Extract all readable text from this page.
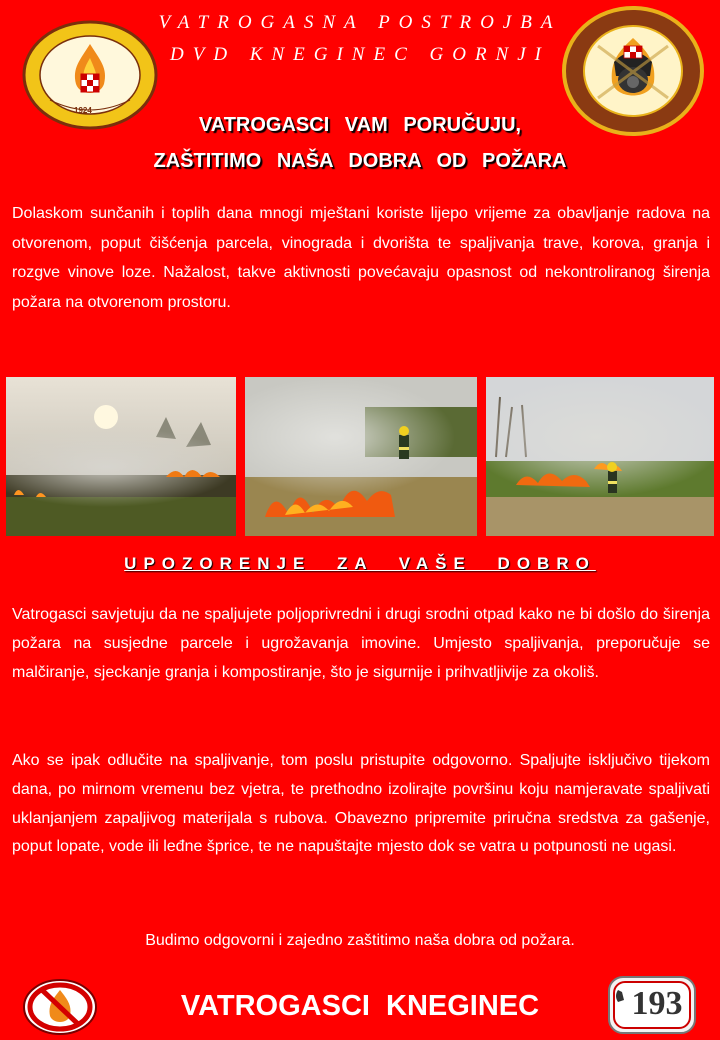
VATROGASNA POSTROJBA
DVD KNEGINEC GORNJI
1924
VATROGASCI VAM PORUČUJU,
ZAŠTITIMO NAŠA DOBRA OD POŽARA
Dolaskom sunčanih i toplih dana mnogi mještani koriste lijepo vrijeme za obavljanje radova na otvorenom, poput čišćenja parcela, vinograda i dvorišta te spaljivanja trave, korova, granja i rozgve vinove loze. Nažalost, takve aktivnosti povećavaju opasnost od nekontroliranog širenja požara na otvorenom prostoru.
UPOZORENJE ZA VAŠE DOBRO
Vatrogasci savjetuju da ne spaljujete poljoprivredni i drugi srodni otpad kako ne bi došlo do širenja požara na susjedne parcele i ugrožavanja imovine. Umjesto spaljivanja, preporučuje se malčiranje, sjeckanje granja i kompostiranje, što je sigurnije i prihvatljivije za okoliš.
Ako se ipak odlučite na spaljivanje, tom poslu pristupite odgovorno. Spaljujte isključivo tijekom dana, po mirnom vremenu bez vjetra, te prethodno izolirajte površinu koju namjeravate spaljivati uklanjanjem zapaljivog materijala s rubova. Obavezno pripremite priručna sredstva za gašenje, poput lopate, vode ili leđne šprice, te ne napuštajte mjesto dok se vatra u potpunosti ne ugasi.
Budimo odgovorni i zajedno zaštitimo naša dobra od požara.
VATROGASCI KNEGINEC	193
